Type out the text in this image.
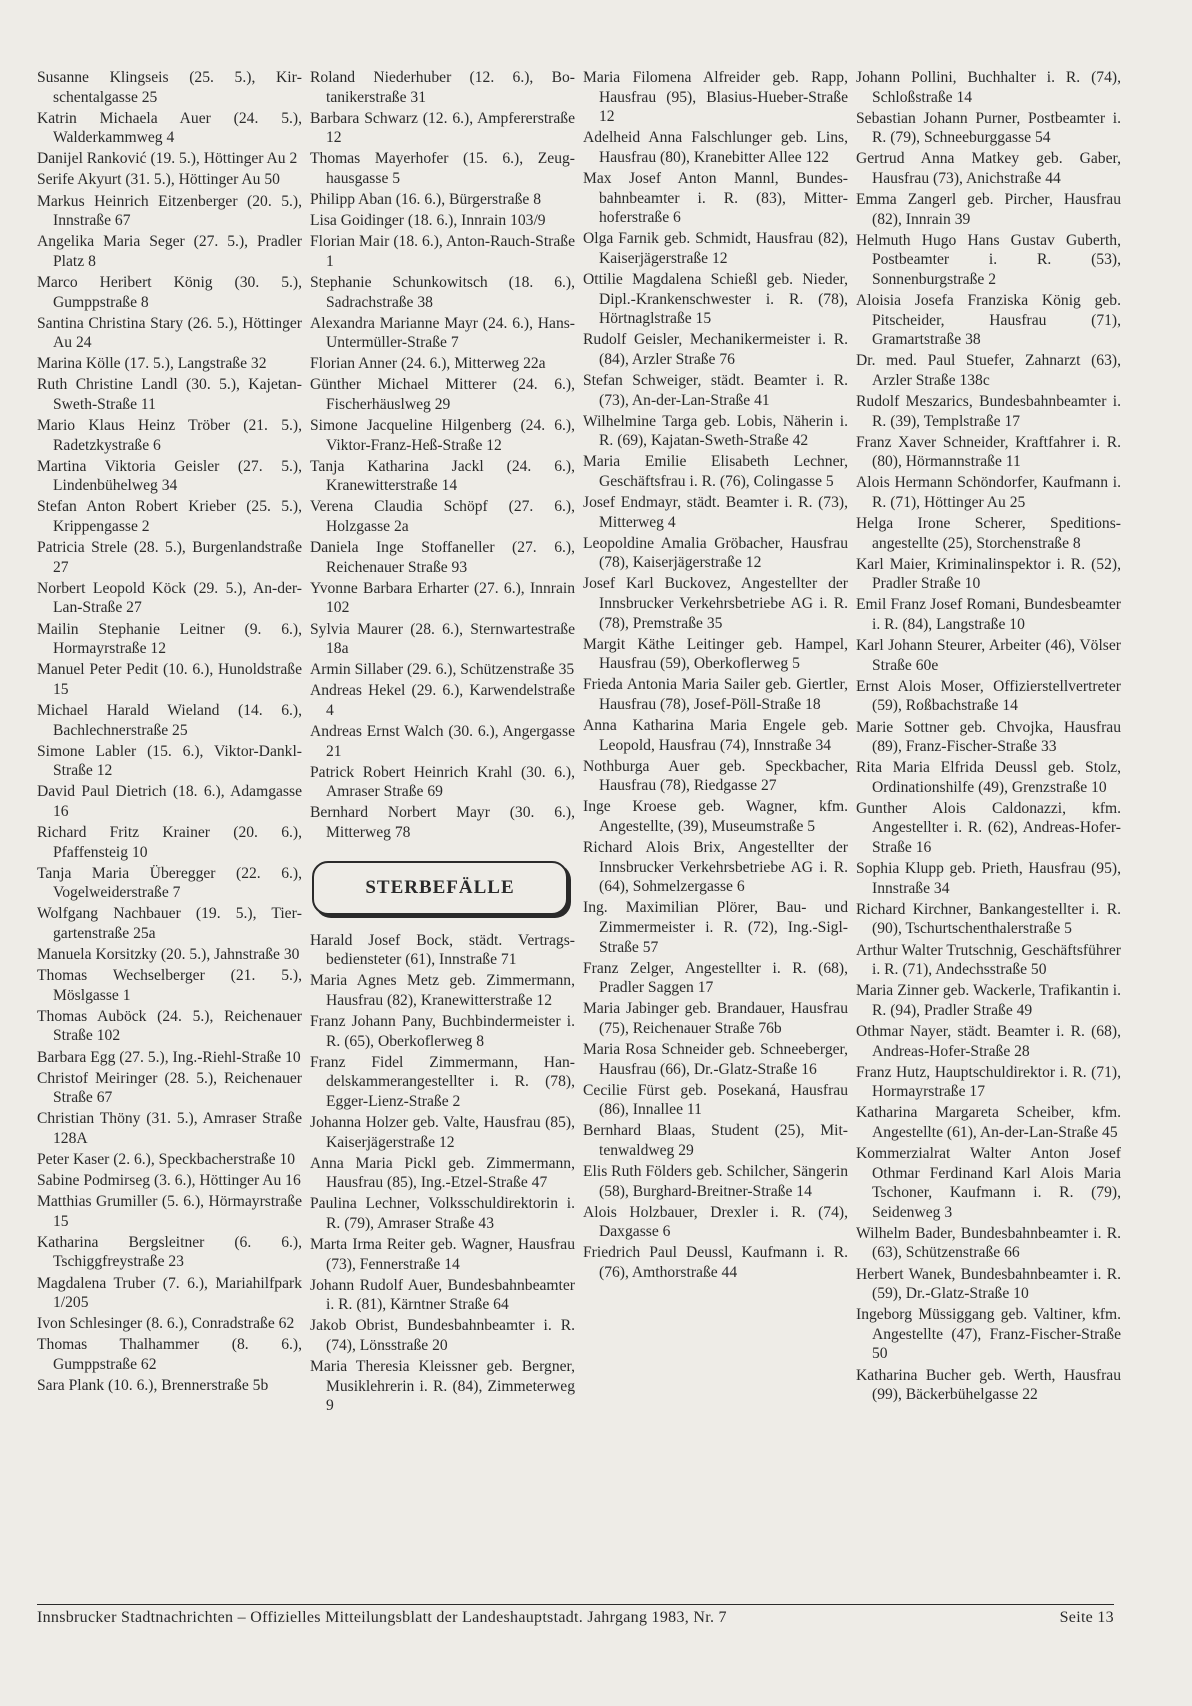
Susanne Klingseis (25. 5.), Kirschentalgasse 25
Katrin Michaela Auer (24. 5.), Walderkammweg 4
Danijel Ranković (19. 5.), Höttinger Au 2
Serife Akyurt (31. 5.), Höttinger Au 50
Markus Heinrich Eitzenberger (20. 5.), Innstraße 67
Angelika Maria Seger (27. 5.), Pradler Platz 8
Marco Heribert König (30. 5.), Gumppstraße 8
Santina Christina Stary (26. 5.), Höttinger Au 24
Marina Kölle (17. 5.), Langstraße 32
Ruth Christine Landl (30. 5.), Kajetan-Sweth-Straße 11
Mario Klaus Heinz Tröber (21. 5.), Radetzkystraße 6
Martina Viktoria Geisler (27. 5.), Lindenbühelweg 34
Stefan Anton Robert Krieber (25. 5.), Krippengasse 2
Patricia Strele (28. 5.), Burgenlandstraße 27
Norbert Leopold Köck (29. 5.), An-der-Lan-Straße 27
Mailin Stephanie Leitner (9. 6.), Hormayrstraße 12
Manuel Peter Pedit (10. 6.), Hunoldstraße 15
Michael Harald Wieland (14. 6.), Bachlechnerstraße 25
Simone Labler (15. 6.), Viktor-Dankl-Straße 12
David Paul Dietrich (18. 6.), Adamgasse 16
Richard Fritz Krainer (20. 6.), Pfaffensteig 10
Tanja Maria Überegger (22. 6.), Vogelweiderstraße 7
Wolfgang Nachbauer (19. 5.), Tiergartenstraße 25a
Manuela Korsitzky (20. 5.), Jahnstraße 30
Thomas Wechselberger (21. 5.), Möslgasse 1
Thomas Auböck (24. 5.), Reichenauer Straße 102
Barbara Egg (27. 5.), Ing.-Riehl-Straße 10
Christof Meiringer (28. 5.), Reichenauer Straße 67
Christian Thöny (31. 5.), Amraser Straße 128A
Peter Kaser (2. 6.), Speckbacherstraße 10
Sabine Podmirseg (3. 6.), Höttinger Au 16
Matthias Grumiller (5. 6.), Hörmayrstraße 15
Katharina Bergsleitner (6. 6.), Tschiggfreystraße 23
Magdalena Truber (7. 6.), Mariahilfpark 1/205
Ivon Schlesinger (8. 6.), Conradstraße 62
Thomas Thalhammer (8. 6.), Gumppstraße 62
Sara Plank (10. 6.), Brennerstraße 5b
Roland Niederhuber (12. 6.), Botanikerstraße 31
Barbara Schwarz (12. 6.), Ampfererstraße 12
Thomas Mayerhofer (15. 6.), Zeughausgasse 5
Philipp Aban (16. 6.), Bürgerstraße 8
Lisa Goidinger (18. 6.), Innrain 103/9
Florian Mair (18. 6.), Anton-Rauch-Straße 1
Stephanie Schunkowitsch (18. 6.), Sadrachstraße 38
Alexandra Marianne Mayr (24. 6.), Hans-Untermüller-Straße 7
Florian Anner (24. 6.), Mitterweg 22a
Günther Michael Mitterer (24. 6.), Fischerhäuslweg 29
Simone Jacqueline Hilgenberg (24. 6.), Viktor-Franz-Heß-Straße 12
Tanja Katharina Jackl (24. 6.), Kranewitterstraße 14
Verena Claudia Schöpf (27. 6.), Holzgasse 2a
Daniela Inge Stoffaneller (27. 6.), Reichenauer Straße 93
Yvonne Barbara Erharter (27. 6.), Innrain 102
Sylvia Maurer (28. 6.), Sternwartestraße 18a
Armin Sillaber (29. 6.), Schützenstraße 35
Andreas Hekel (29. 6.), Karwendelstraße 4
Andreas Ernst Walch (30. 6.), Angergasse 21
Patrick Robert Heinrich Krahl (30. 6.), Amraser Straße 69
Bernhard Norbert Mayr (30. 6.), Mitterweg 78
STERBEFÄLLE
Harald Josef Bock, städt. Vertragsbediensteter (61), Innstraße 71
Maria Agnes Metz geb. Zimmermann, Hausfrau (82), Kranewitterstraße 12
Franz Johann Pany, Buchbindermeister i. R. (65), Oberkoflerweg 8
Franz Fidel Zimmermann, Handelskammerangestellter i. R. (78), Egger-Lienz-Straße 2
Johanna Holzer geb. Valte, Hausfrau (85), Kaiserjägerstraße 12
Anna Maria Pickl geb. Zimmermann, Hausfrau (85), Ing.-Etzel-Straße 47
Paulina Lechner, Volksschuldirektorin i. R. (79), Amraser Straße 43
Marta Irma Reiter geb. Wagner, Hausfrau (73), Fennerstraße 14
Johann Rudolf Auer, Bundesbahnbeamter i. R. (81), Kärntner Straße 64
Jakob Obrist, Bundesbahnbeamter i. R. (74), Lönsstraße 20
Maria Theresia Kleissner geb. Bergner, Musiklehrerin i. R. (84), Zimmeterweg 9
Maria Filomena Alfreider geb. Rapp, Hausfrau (95), Blasius-Hueber-Straße 12
Adelheid Anna Falschlunger geb. Lins, Hausfrau (80), Kranebitter Allee 122
Max Josef Anton Mannl, Bundesbahnbeamter i. R. (83), Mitterhoferstraße 6
Olga Farnik geb. Schmidt, Hausfrau (82), Kaiserjägerstraße 12
Ottilie Magdalena Schießl geb. Nieder, Dipl.-Krankenschwester i. R. (78), Hörtnaglstraße 15
Rudolf Geisler, Mechanikermeister i. R. (84), Arzler Straße 76
Stefan Schweiger, städt. Beamter i. R. (73), An-der-Lan-Straße 41
Wilhelmine Targa geb. Lobis, Näherin i. R. (69), Kajatan-Sweth-Straße 42
Maria Emilie Elisabeth Lechner, Geschäftsfrau i. R. (76), Colingasse 5
Josef Endmayr, städt. Beamter i. R. (73), Mitterweg 4
Leopoldine Amalia Gröbacher, Hausfrau (78), Kaiserjägerstraße 12
Josef Karl Buckovez, Angestellter der Innsbrucker Verkehrsbetriebe AG i. R. (78), Premstraße 35
Margit Käthe Leitinger geb. Hampel, Hausfrau (59), Oberkoflerweg 5
Frieda Antonia Maria Sailer geb. Giertler, Hausfrau (78), Josef-Pöll-Straße 18
Anna Katharina Maria Engele geb. Leopold, Hausfrau (74), Innstraße 34
Nothburga Auer geb. Speckbacher, Hausfrau (78), Riedgasse 27
Inge Kroese geb. Wagner, kfm. Angestellte, (39), Museumstraße 5
Richard Alois Brix, Angestellter der Innsbrucker Verkehrsbetriebe AG i. R. (64), Sohmelzergasse 6
Ing. Maximilian Plörer, Bau- und Zimmermeister i. R. (72), Ing.-Sigl-Straße 57
Franz Zelger, Angestellter i. R. (68), Pradler Saggen 17
Maria Jabinger geb. Brandauer, Hausfrau (75), Reichenauer Straße 76b
Maria Rosa Schneider geb. Schneeberger, Hausfrau (66), Dr.-Glatz-Straße 16
Cecilie Fürst geb. Posekaná, Hausfrau (86), Innallee 11
Bernhard Blaas, Student (25), Mittenwaldweg 29
Elis Ruth Földers geb. Schilcher, Sängerin (58), Burghard-Breitner-Straße 14
Alois Holzbauer, Drexler i. R. (74), Daxgasse 6
Friedrich Paul Deussl, Kaufmann i. R. (76), Amthorstraße 44
Johann Pollini, Buchhalter i. R. (74), Schloßstraße 14
Sebastian Johann Purner, Postbeamter i. R. (79), Schneeburggasse 54
Gertrud Anna Matkey geb. Gaber, Hausfrau (73), Anichstraße 44
Emma Zangerl geb. Pircher, Hausfrau (82), Innrain 39
Helmuth Hugo Hans Gustav Guberth, Postbeamter i. R. (53), Sonnenburgstraße 2
Aloisia Josefa Franziska König geb. Pitscheider, Hausfrau (71), Gramartstraße 38
Dr. med. Paul Stuefer, Zahnarzt (63), Arzler Straße 138c
Rudolf Meszarics, Bundesbahnbeamter i. R. (39), Templstraße 17
Franz Xaver Schneider, Kraftfahrer i. R. (80), Hörmannstraße 11
Alois Hermann Schöndorfer, Kaufmann i. R. (71), Höttinger Au 25
Helga Irone Scherer, Speditionsangestellte (25), Storchenstraße 8
Karl Maier, Kriminalinspektor i. R. (52), Pradler Straße 10
Emil Franz Josef Romani, Bundesbeamter i. R. (84), Langstraße 10
Karl Johann Steurer, Arbeiter (46), Völser Straße 60e
Ernst Alois Moser, Offizierstellvertreter (59), Roßbachstraße 14
Marie Sottner geb. Chvojka, Hausfrau (89), Franz-Fischer-Straße 33
Rita Maria Elfrida Deussl geb. Stolz, Ordinationshilfe (49), Grenzstraße 10
Gunther Alois Caldonazzi, kfm. Angestellter i. R. (62), Andreas-Hofer-Straße 16
Sophia Klupp geb. Prieth, Hausfrau (95), Innstraße 34
Richard Kirchner, Bankangestellter i. R. (90), Tschurtschenthalerstraße 5
Arthur Walter Trutschnig, Geschäftsführer i. R. (71), Andechsstraße 50
Maria Zinner geb. Wackerle, Trafikantin i. R. (94), Pradler Straße 49
Othmar Nayer, städt. Beamter i. R. (68), Andreas-Hofer-Straße 28
Franz Hutz, Hauptschuldirektor i. R. (71), Hormayrstraße 17
Katharina Margareta Scheiber, kfm. Angestellte (61), An-der-Lan-Straße 45
Kommerzialrat Walter Anton Josef Othmar Ferdinand Karl Alois Maria Tschoner, Kaufmann i. R. (79), Seidenweg 3
Wilhelm Bader, Bundesbahnbeamter i. R. (63), Schützenstraße 66
Herbert Wanek, Bundesbahnbeamter i. R. (59), Dr.-Glatz-Straße 10
Ingeborg Müssiggang geb. Valtiner, kfm. Angestellte (47), Franz-Fischer-Straße 50
Katharina Bucher geb. Werth, Hausfrau (99), Bäckerbühelgasse 22
Innsbrucker Stadtnachrichten – Offizielles Mitteilungsblatt der Landeshauptstadt. Jahrgang 1983, Nr. 7	Seite 13
